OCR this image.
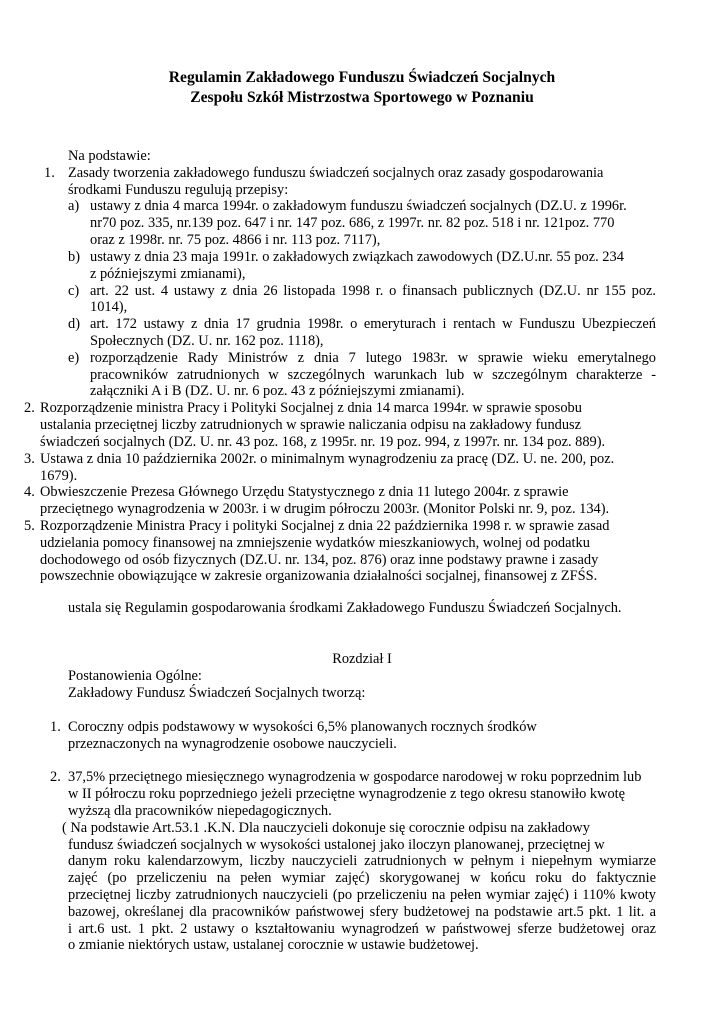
Regulamin Zakładowego Funduszu Świadczeń Socjalnych
Zespołu Szkół Mistrzostwa Sportowego w Poznaniu
Na podstawie:
1. Zasady tworzenia zakładowego funduszu świadczeń socjalnych oraz zasady gospodarowania
środkami Funduszu regulują przepisy:
a) ustawy z dnia 4 marca 1994r. o zakładowym funduszu świadczeń socjalnych (DZ.U. z 1996r.
nr70 poz. 335, nr.139 poz. 647 i nr. 147 poz. 686, z 1997r. nr. 82 poz. 518 i nr. 121poz. 770
oraz z 1998r. nr. 75 poz. 4866 i nr. 113 poz. 7117),
b) ustawy z dnia 23 maja 1991r. o zakładowych związkach zawodowych (DZ.U.nr. 55 poz. 234
z późniejszymi zmianami),
c) art. 22 ust. 4 ustawy z dnia 26 listopada 1998 r. o finansach publicznych (DZ.U. nr 155 poz.
1014),
d) art. 172 ustawy z dnia 17 grudnia 1998r. o emeryturach i rentach w Funduszu Ubezpieczeń
Społecznych (DZ. U. nr. 162 poz. 1118),
e) rozporządzenie Rady Ministrów z dnia 7 lutego 1983r. w sprawie wieku emerytalnego
pracowników zatrudnionych w szczególnych warunkach lub w szczególnym charakterze -
załączniki A i B (DZ. U. nr. 6 poz. 43 z późniejszymi zmianami).
2. Rozporządzenie ministra Pracy i Polityki Socjalnej z dnia 14 marca 1994r. w sprawie sposobu
ustalania przeciętnej liczby zatrudnionych w sprawie naliczania odpisu na zakładowy fundusz
świadczeń socjalnych (DZ. U. nr. 43 poz. 168, z 1995r. nr. 19 poz. 994, z 1997r. nr. 134 poz. 889).
3. Ustawa z dnia 10 października 2002r. o minimalnym wynagrodzeniu za pracę (DZ. U. ne. 200, poz.
1679).
4. Obwieszczenie Prezesa Głównego Urzędu Statystycznego z dnia 11 lutego 2004r. z sprawie
przeciętnego wynagrodzenia w 2003r. i w drugim półroczu 2003r. (Monitor Polski nr. 9, poz. 134).
5. Rozporządzenie Ministra Pracy i polityki Socjalnej z dnia 22 października 1998 r. w sprawie zasad
udzielania pomocy finansowej na zmniejszenie wydatków mieszkaniowych, wolnej od podatku
dochodowego od osób fizycznych (DZ.U. nr. 134, poz. 876) oraz inne podstawy prawne i zasady
powszechnie obowiązujące w zakresie organizowania działalności socjalnej, finansowej z ZFŚS.
ustala się Regulamin gospodarowania środkami Zakładowego Funduszu Świadczeń Socjalnych.
Rozdział I
Postanowienia Ogólne:
Zakładowy Fundusz Świadczeń Socjalnych tworzą:
1. Coroczny odpis podstawowy w wysokości 6,5% planowanych rocznych środków
przeznaczonych na wynagrodzenie osobowe nauczycieli.
2. 37,5% przeciętnego miesięcznego wynagrodzenia w gospodarce narodowej w roku poprzednim lub
w II półroczu roku poprzedniego jeżeli przeciętne wynagrodzenie z tego okresu stanowiło kwotę
wyższą dla pracowników niepedagogicznych.
( Na podstawie Art.53.1 .K.N. Dla nauczycieli dokonuje się corocznie odpisu na zakładowy
fundusz świadczeń socjalnych w wysokości ustalonej jako iloczyn planowanej, przeciętnej w
danym roku kalendarzowym, liczby nauczycieli zatrudnionych w pełnym i niepełnym wymiarze
zajęć (po przeliczeniu na pełen wymiar zajęć) skorygowanej w końcu roku do faktycznie
przeciętnej liczby zatrudnionych nauczycieli (po przeliczeniu na pełen wymiar zajęć) i 110% kwoty
bazowej, określanej dla pracowników państwowej sfery budżetowej na podstawie art.5 pkt. 1 lit. a
i art.6 ust. 1 pkt. 2 ustawy o kształtowaniu wynagrodzeń w państwowej sferze budżetowej oraz
o zmianie niektórych ustaw, ustalanej corocznie w ustawie budżetowej.
